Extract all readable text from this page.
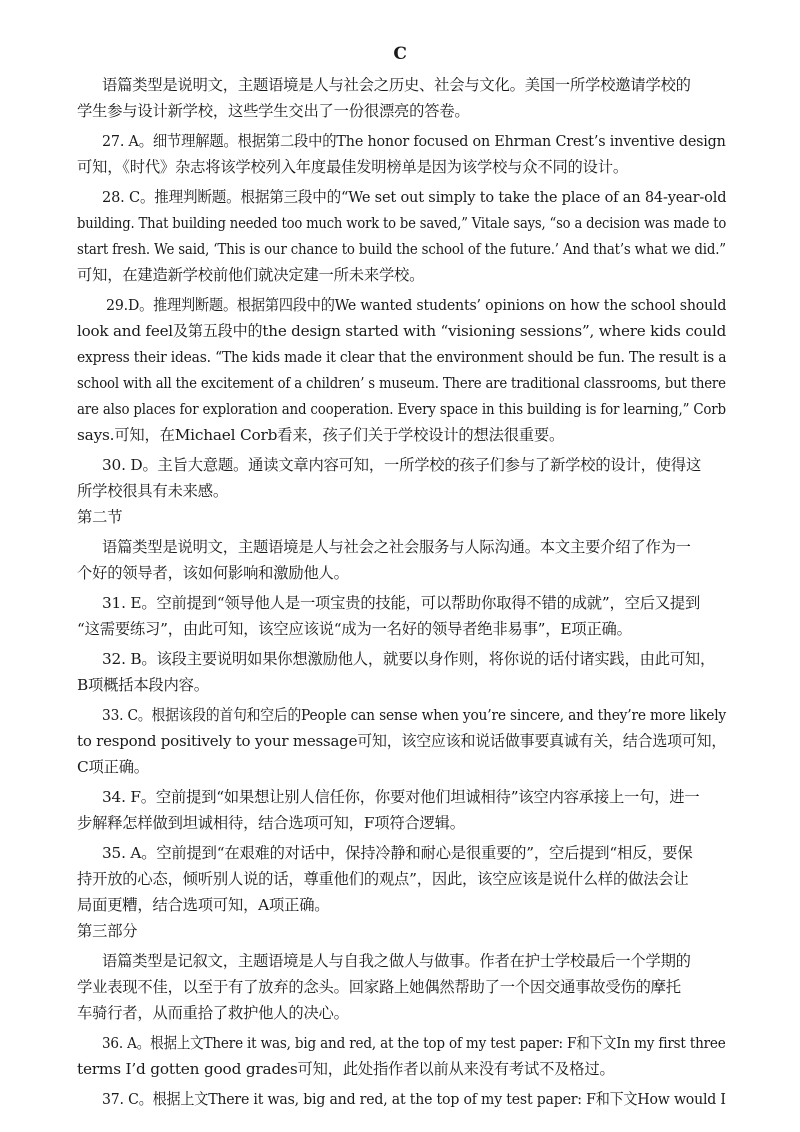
C
语篇类型是说明文，主题语境是人与社会之历史、社会与文化。美国一所学校邀请学校的
学生参与设计新学校，这些学生交出了一份很漂亮的答卷。
27. A。细节理解题。根据第二段中的The honor focused on Ehrman Crest’s inventive design
可知，《时代》杂志将该学校列入年度最佳发明榜单是因为该学校与众不同的设计。
28. C。推理判断题。根据第三段中的“We set out simply to take the place of an 84-year-old
building. That building needed too much work to be saved,” Vitale says, “so a decision was made to
start fresh. We said, ‘This is our chance to build the school of the future.’ And that’s what we did.”
可知，在建造新学校前他们就决定建一所未来学校。
29.D。推理判断题。根据第四段中的We wanted students’ opinions on how the school should
look and feel及第五段中的the design started with “visioning sessions”, where kids could
express their ideas. “The kids made it clear that the environment should be fun. The result is a
school with all the excitement of a children’ s museum. There are traditional classrooms, but there
are also places for exploration and cooperation. Every space in this building is for learning,” Corb
says.可知，在Michael Corb看来，孩子们关于学校设计的想法很重要。
30. D。主旨大意题。通读文章内容可知，一所学校的孩子们参与了新学校的设计，使得这
所学校很具有未来感。
第二节
语篇类型是说明文，主题语境是人与社会之社会服务与人际沟通。本文主要介绍了作为一
个好的领导者，该如何影响和激励他人。
31. E。空前提到“领导他人是一项宝贵的技能，可以帮助你取得不错的成就”，空后又提到
“这需要练习”，由此可知，该空应该说“成为一名好的领导者绝非易事”，E项正确。
32. B。该段主要说明如果你想激励他人，就要以身作则，将你说的话付诸实践，由此可知，
B项概括本段内容。
33. C。根据该段的首句和空后的People can sense when you’re sincere, and they’re more likely
to respond positively to your message可知，该空应该和说话做事要真诚有关，结合选项可知，
C项正确。
34. F。空前提到“如果想让别人信任你，你要对他们坦诚相待”该空内容承接上一句，进一
步解释怎样做到坦诚相待，结合选项可知，F项符合逻辑。
35. A。空前提到“在艰难的对话中，保持冷静和耐心是很重要的”，空后提到“相反，要保
持开放的心态，倾听别人说的话，尊重他们的观点”，因此，该空应该是说什么样的做法会让
局面更糟，结合选项可知，A项正确。
第三部分
语篇类型是记叙文，主题语境是人与自我之做人与做事。作者在护士学校最后一个学期的
学业表现不佳，以至于有了放弃的念头。回家路上她偶然帮助了一个因交通事故受伤的摩托
车骑行者，从而重拾了救护他人的决心。
36. A。根据上文There it was, big and red, at the top of my test paper: F和下文In my first three
terms I’d gotten good grades可知，此处指作者以前从来没有考试不及格过。
37. C。根据上文There it was, big and red, at the top of my test paper: F和下文How would I
